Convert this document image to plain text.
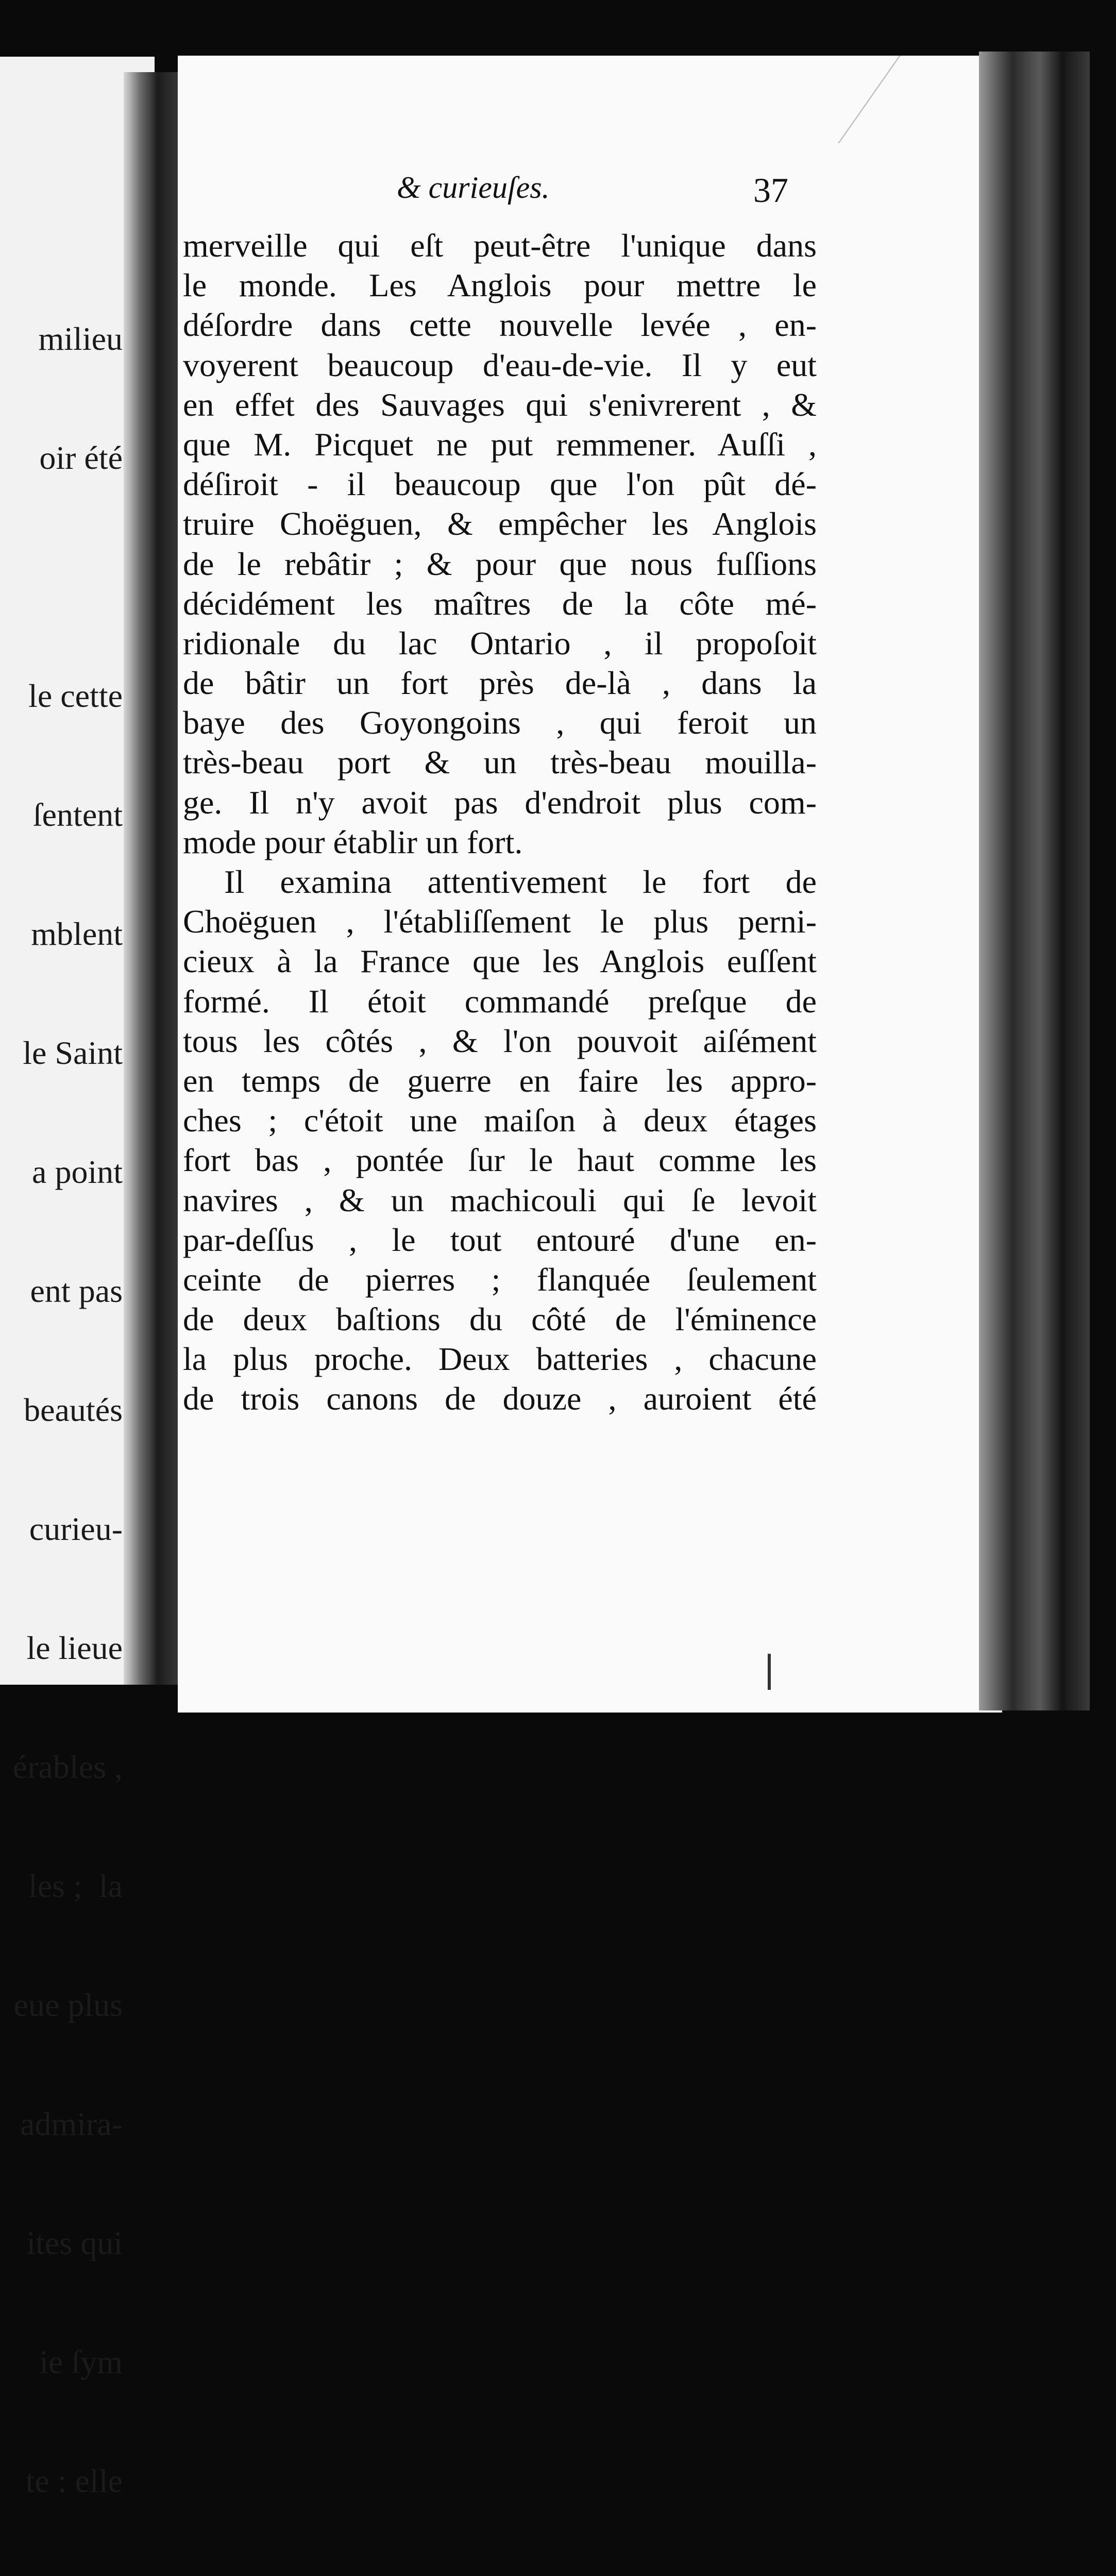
milieu

oir été

le cette

ſentent

mblent

le Saint

a point

ent pas

beautés

curieu-

le lieue

érables ,

les ;  la

eue plus

admira-

ites qui

ie ſym

te : elle

& curieuſes.	37
merveille qui eſt peut-être l'unique dans
le monde. Les Anglois pour mettre le
déſordre dans cette nouvelle levée , en-
voyerent beaucoup d'eau-de-vie. Il y eut
en effet des Sauvages qui s'enivrerent , &
que M. Picquet ne put remmener. Auſſi ,
déſiroit - il beaucoup que l'on pût dé-
truire Choëguen, & empêcher les Anglois
de le rebâtir ; & pour que nous fuſſions
décidément les maîtres de la côte mé-
ridionale du lac Ontario , il propoſoit
de bâtir un fort près de-là , dans la
baye des Goyongoins , qui feroit un
très-beau port & un très-beau mouilla-
ge. Il n'y avoit pas d'endroit plus com-
mode pour établir un fort.
Il examina attentivement le fort de
Choëguen , l'établiſſement le plus perni-
cieux à la France que les Anglois euſſent
formé. Il étoit commandé preſque de
tous les côtés , & l'on pouvoit aiſément
en temps de guerre en faire les appro-
ches ; c'étoit une maiſon à deux étages
fort bas , pontée ſur le haut comme les
navires , & un machicouli qui ſe levoit
par-deſſus , le tout entouré d'une en-
ceinte de pierres ; flanquée ſeulement
de deux baſtions du côté de l'éminence
la plus proche. Deux batteries , chacune
de trois canons de douze , auroient été
